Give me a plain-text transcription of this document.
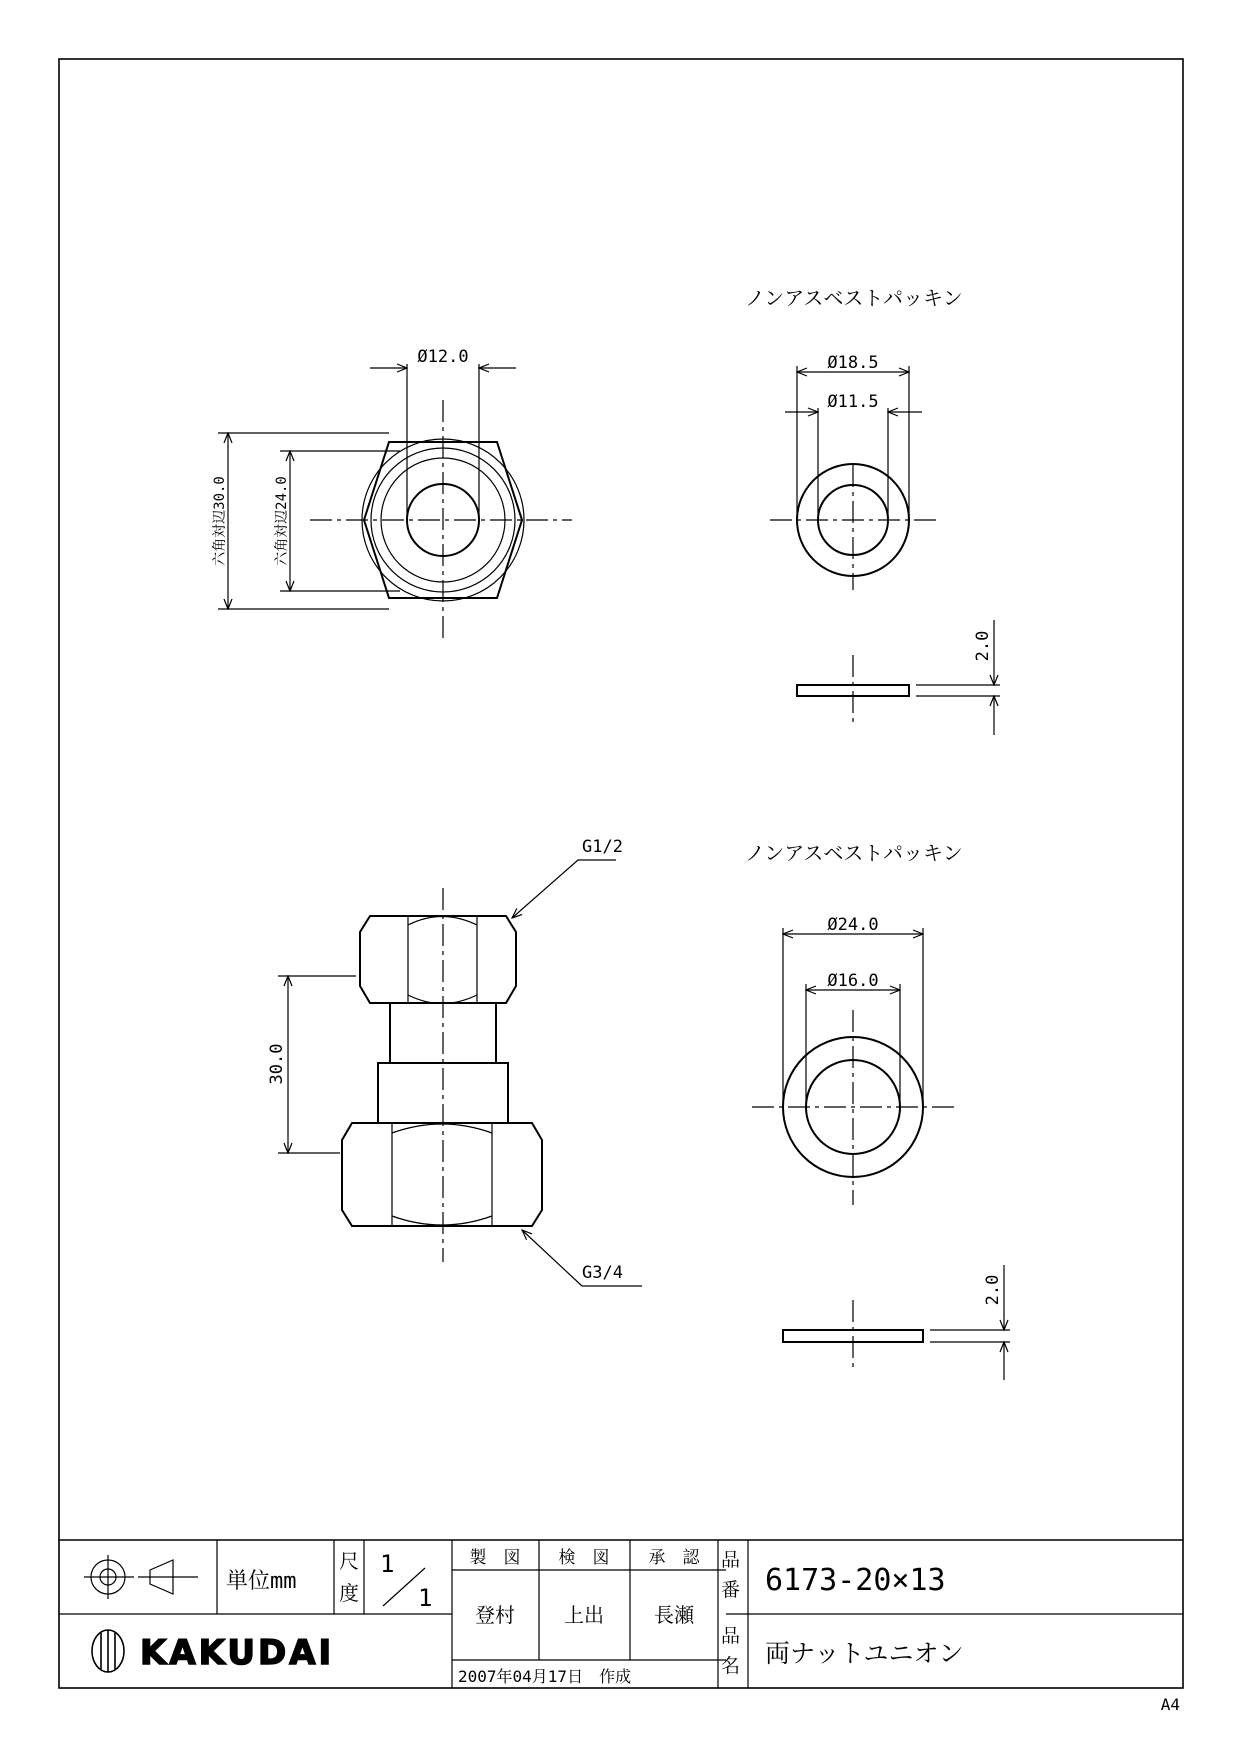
Ø12.0
六角対辺30.0	六角対辺24.0
ノンアスベストパッキン
Ø18.5
Ø11.5
2.0
G1/2
G3/4
30.0
ノンアスベストパッキン
Ø24.0
Ø16.0
2.0
単位mm
尺
度
1
1
製　図 検　図 承　認
登村 上出	長瀬
2007年04月17日　作成
品
番 6173-20×13
品
名 両ナットユニオン
KAKUDAI
A4
